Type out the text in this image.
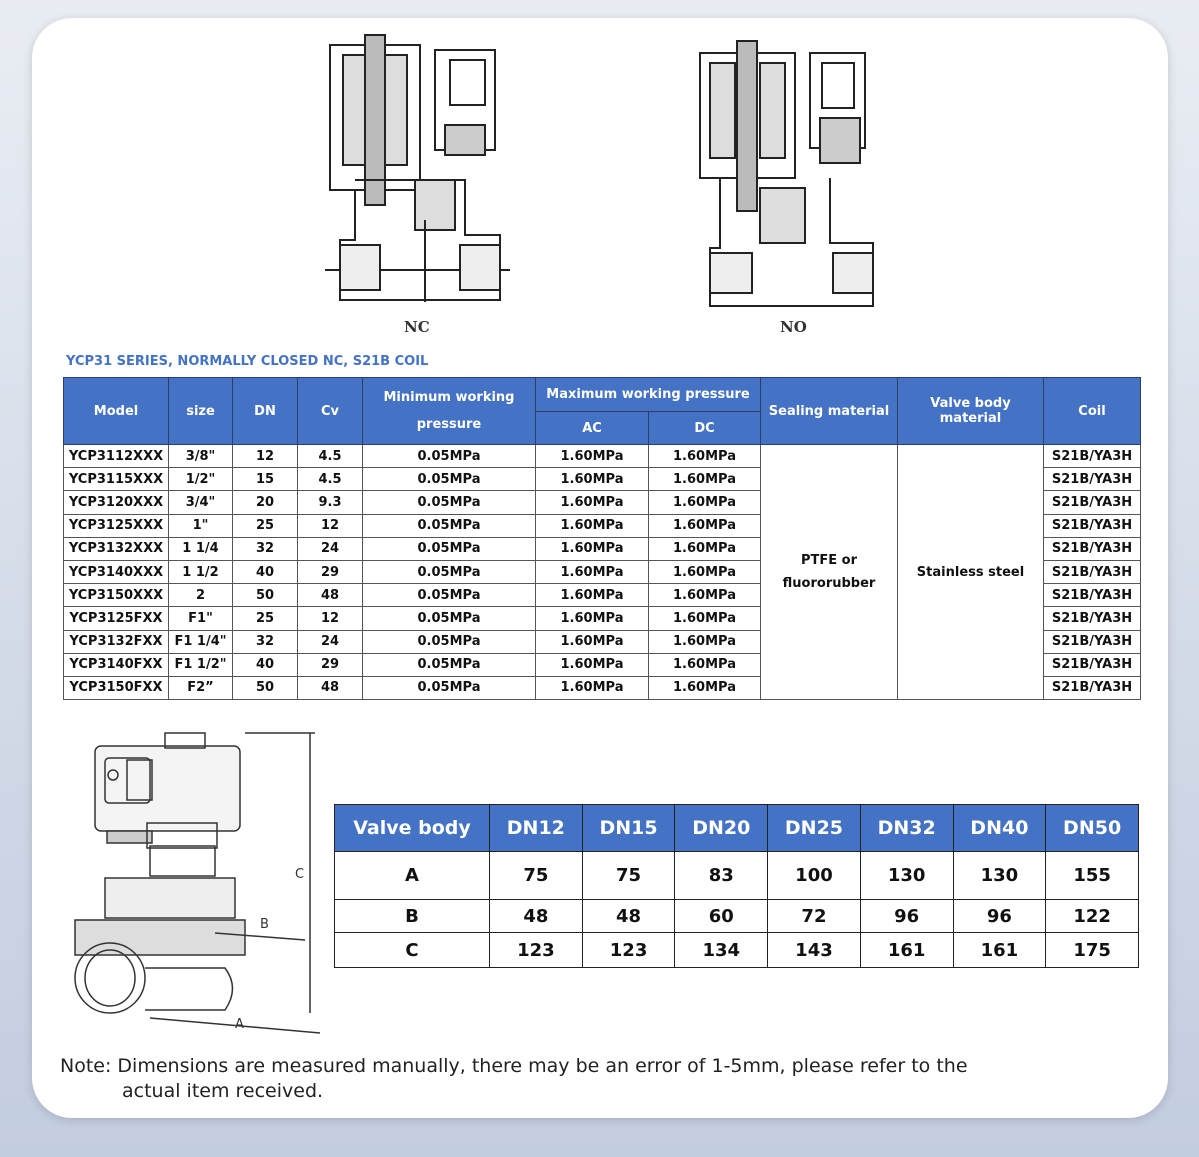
NC	NO
YCP31 SERIES, NORMALLY CLOSED NC, S21B COIL
Model	size	DN	Cv	Minimum working pressure	Maximum working pressure		Sealing material	Valve body material	Coil
					AC	DC			
YCP3112XXX	3/8"	12	4.5	0.05MPa	1.60MPa	1.60MPa	PTFE or fluororubber	Stainless steel	S21B/YA3H
YCP3115XXX	1/2"	15	4.5	0.05MPa	1.60MPa	1.60MPa			S21B/YA3H
YCP3120XXX	3/4"	20	9.3	0.05MPa	1.60MPa	1.60MPa			S21B/YA3H
YCP3125XXX	1"	25	12	0.05MPa	1.60MPa	1.60MPa			S21B/YA3H
YCP3132XXX	1 1/4	32	24	0.05MPa	1.60MPa	1.60MPa			S21B/YA3H
YCP3140XXX	1 1/2	40	29	0.05MPa	1.60MPa	1.60MPa			S21B/YA3H
YCP3150XXX	2	50	48	0.05MPa	1.60MPa	1.60MPa			S21B/YA3H
YCP3125FXX	F1"	25	12	0.05MPa	1.60MPa	1.60MPa			S21B/YA3H
YCP3132FXX	F1 1/4"	32	24	0.05MPa	1.60MPa	1.60MPa			S21B/YA3H
YCP3140FXX	F1 1/2"	40	29	0.05MPa	1.60MPa	1.60MPa			S21B/YA3H
YCP3150FXX	F2”	50	48	0.05MPa	1.60MPa	1.60MPa			S21B/YA3H
C
B
A
Valve body	DN12	DN15	DN20	DN25	DN32	DN40	DN50
A	75	75	83	100	130	130	155
B	48	48	60	72	96	96	122
C	123	123	134	143	161	161	175
Note: Dimensions are measured manually, there may be an error of 1-5mm, please refer to the
actual item received.
